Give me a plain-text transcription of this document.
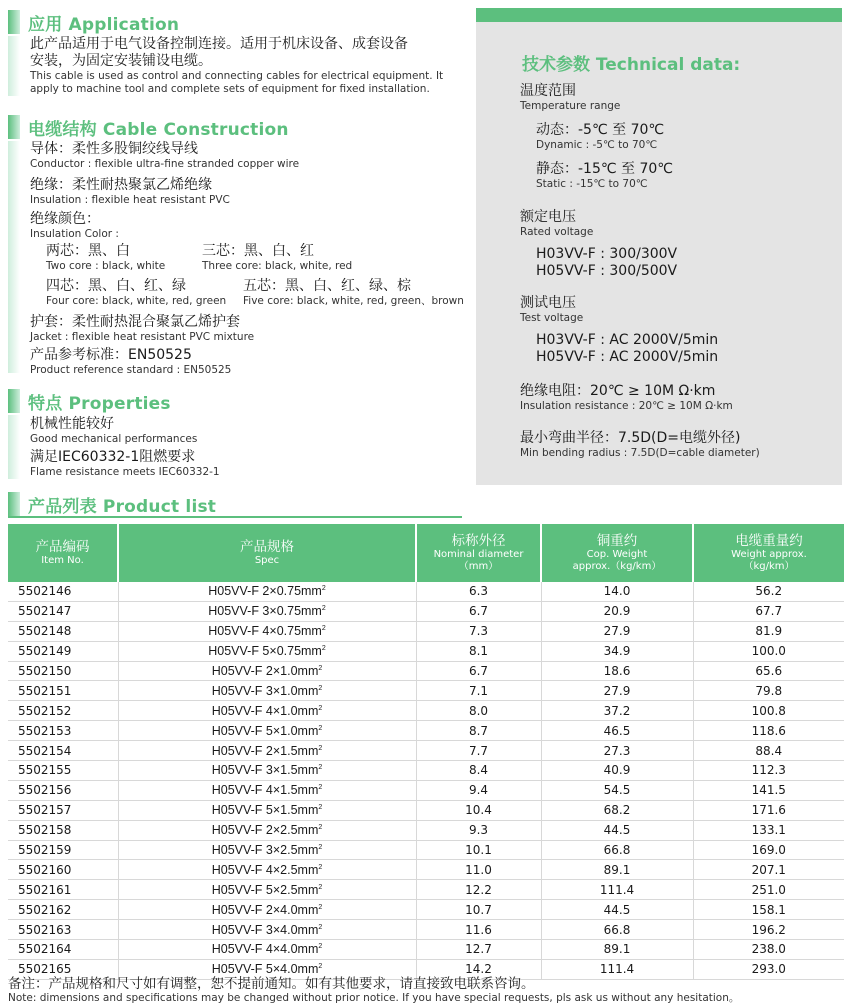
应用 Application
此产品适用于电气设备控制连接。适用于机床设备、成套设备
安装，为固定安装铺设电缆。
This cable is used as control and connecting cables for electrical equipment. It
apply to machine tool and complete sets of equipment for fixed installation.
电缆结构 Cable Construction
导体：柔性多股铜绞线导线
Conductor : flexible ultra-fine stranded copper wire
绝缘：柔性耐热聚氯乙烯绝缘
Insulation : flexible heat resistant PVC
绝缘颜色：
Insulation Color :
两芯：黑、白
Two core : black, white
三芯：黑、白、红
Three core: black, white, red
四芯：黑、白、红、绿
Four core: black, white, red, green
五芯：黑、白、红、绿、棕
Five core: black, white, red, green、brown
护套：柔性耐热混合聚氯乙烯护套
Jacket : flexible heat resistant PVC mixture
产品参考标准：EN50525
Product reference standard : EN50525
特点 Properties
机械性能较好
Good mechanical performances
满足IEC60332-1阻燃要求
Flame resistance meets IEC60332-1
技术参数 Technical data:
温度范围
Temperature range
动态：-5℃ 至 70℃
Dynamic : -5℃ to 70℃
静态：-15℃ 至 70℃
Static : -15℃ to 70℃
额定电压
Rated voltage
H03VV-F : 300/300V
H05VV-F : 300/500V
测试电压
Test voltage
H03VV-F : AC 2000V/5min
H05VV-F : AC 2000V/5min
绝缘电阻：20℃ ≥ 10M Ω·km
Insulation resistance : 20℃ ≥ 10M Ω·km
最小弯曲半径：7.5D(D=电缆外径)
Min bending radius : 7.5D(D=cable diameter)
产品列表 Product list
产品编码
Item No.	产品规格
Spec	标称外径
Nominal diameter
（mm）	铜重约
Cop. Weight
approx.（kg/km）	电缆重量约
Weight approx.
（kg/km）

5502146	H05VV-F $2\times 0.75mm^2$	6.3	14.0	56.2
5502147	H05VV-F $3\times 0.75mm^2$	6.7	20.9	67.7
5502148	H05VV-F $4\times 0.75mm^2$	7.3	27.9	81.9
5502149	H05VV-F $5\times 0.75mm^2$	8.1	34.9	100.0
5502150	H05VV-F $2\times 1.0mm^2$	6.7	18.6	65.6
5502151	H05VV-F $3\times 1.0mm^2$	7.1	27.9	79.8
5502152	H05VV-F $4\times 1.0mm^2$	8.0	37.2	100.8
5502153	H05VV-F $5\times 1.0mm^2$	8.7	46.5	118.6
5502154	H05VV-F $2\times 1.5mm^2$	7.7	27.3	88.4
5502155	H05VV-F $3\times 1.5mm^2$	8.4	40.9	112.3
5502156	H05VV-F $4\times 1.5mm^2$	9.4	54.5	141.5
5502157	H05VV-F $5\times 1.5mm^2$	10.4	68.2	171.6
5502158	H05VV-F $2\times 2.5mm^2$	9.3	44.5	133.1
5502159	H05VV-F $3\times 2.5mm^2$	10.1	66.8	169.0
5502160	H05VV-F $4\times 2.5mm^2$	11.0	89.1	207.1
5502161	H05VV-F $5\times 2.5mm^2$	12.2	111.4	251.0
5502162	H05VV-F $2\times 4.0mm^2$	10.7	44.5	158.1
5502163	H05VV-F $3\times 4.0mm^2$	11.6	66.8	196.2
5502164	H05VV-F $4\times 4.0mm^2$	12.7	89.1	238.0
5502165	H05VV-F $5\times 4.0mm^2$	14.2	111.4	293.0
备注：产品规格和尺寸如有调整，恕不提前通知。如有其他要求，请直接致电联系咨询。
Note: dimensions and specifications may be changed without prior notice. If you have special requests, pls ask us without any hesitation。
